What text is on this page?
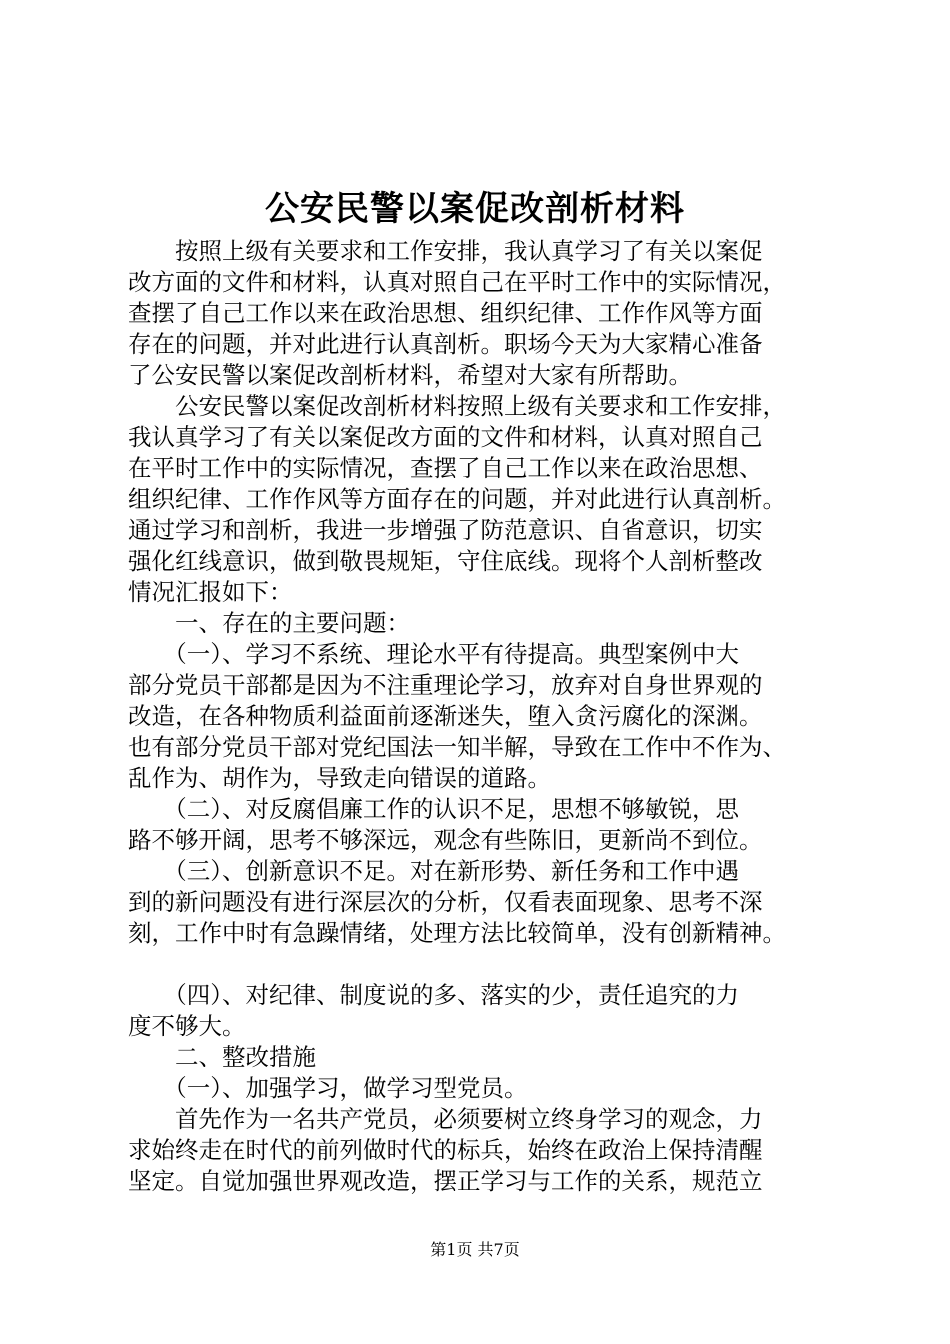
公安民警以案促改剖析材料
　　按照上级有关要求和工作安排，我认真学习了有关以案促
改方面的文件和材料，认真对照自己在平时工作中的实际情况，
查摆了自己工作以来在政治思想、组织纪律、工作作风等方面
存在的问题，并对此进行认真剖析。职场今天为大家精心准备
了公安民警以案促改剖析材料，希望对大家有所帮助。
　　公安民警以案促改剖析材料按照上级有关要求和工作安排，
我认真学习了有关以案促改方面的文件和材料，认真对照自己
在平时工作中的实际情况，查摆了自己工作以来在政治思想、
组织纪律、工作作风等方面存在的问题，并对此进行认真剖析。
通过学习和剖析，我进一步增强了防范意识、自省意识，切实
强化红线意识，做到敬畏规矩，守住底线。现将个人剖析整改
情况汇报如下：
　　一、存在的主要问题：
　　（一）、学习不系统、理论水平有待提高。典型案例中大
部分党员干部都是因为不注重理论学习，放弃对自身世界观的
改造，在各种物质利益面前逐渐迷失，堕入贪污腐化的深渊。
也有部分党员干部对党纪国法一知半解，导致在工作中不作为、
乱作为、胡作为，导致走向错误的道路。
　　（二）、对反腐倡廉工作的认识不足，思想不够敏锐，思
路不够开阔，思考不够深远，观念有些陈旧，更新尚不到位。
　　（三）、创新意识不足。对在新形势、新任务和工作中遇
到的新问题没有进行深层次的分析，仅看表面现象、思考不深
刻，工作中时有急躁情绪，处理方法比较简单，没有创新精神。
　　（四）、对纪律、制度说的多、落实的少，责任追究的力
度不够大。
　　二、整改措施
　　（一）、加强学习，做学习型党员。
　　首先作为一名共产党员，必须要树立终身学习的观念，力
求始终走在时代的前列做时代的标兵，始终在政治上保持清醒
坚定。自觉加强世界观改造，摆正学习与工作的关系，规范立
第1页 共7页
